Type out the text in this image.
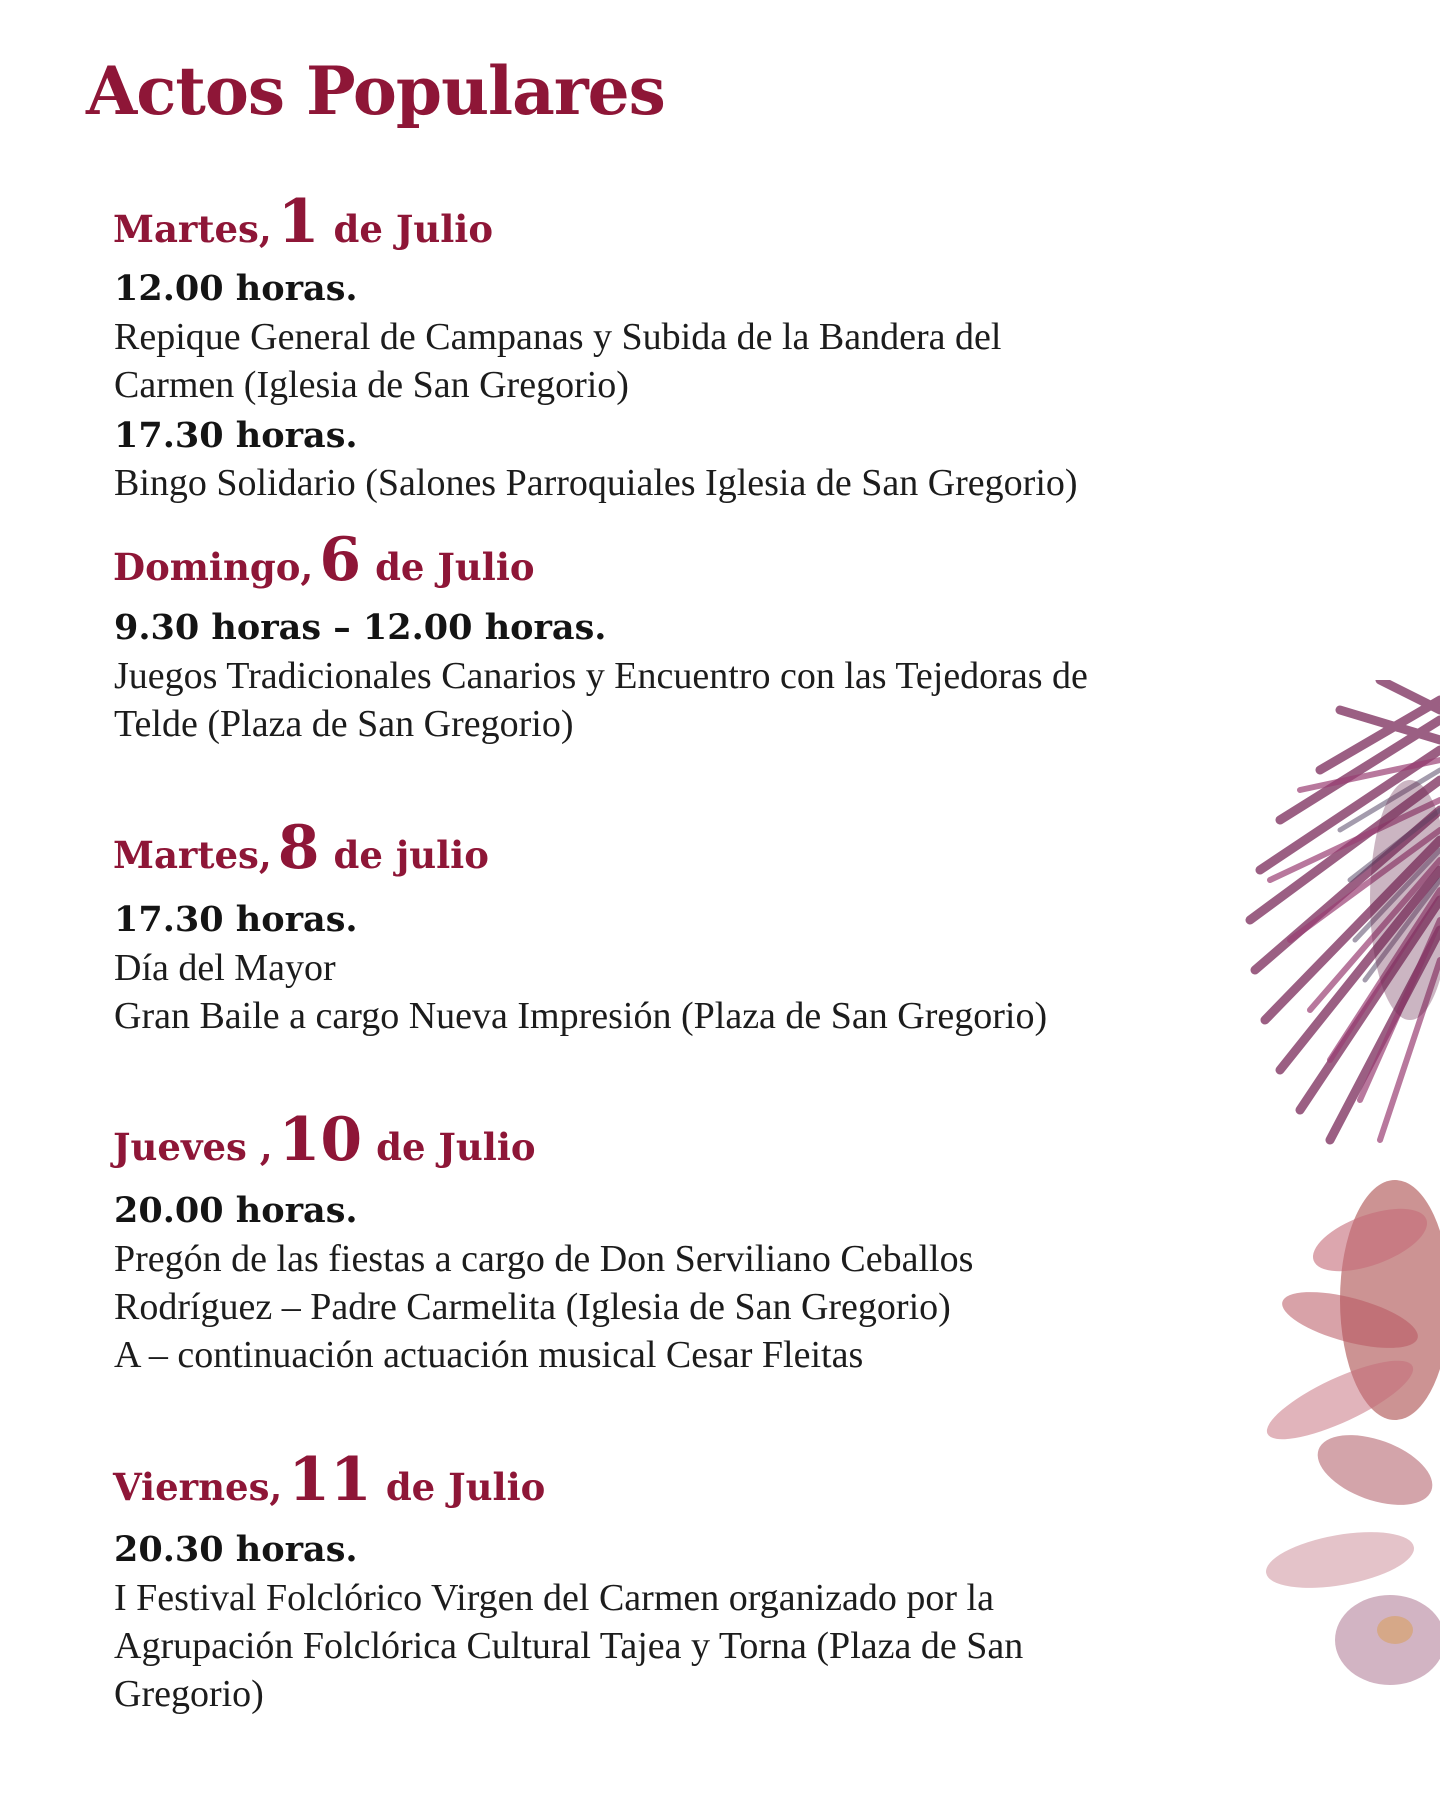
Actos Populares
Martes, 1 de Julio
12.00 horas.
Repique General de Campanas y Subida de la Bandera del
Carmen (Iglesia de San Gregorio)
17.30 horas.
Bingo Solidario (Salones Parroquiales Iglesia de San Gregorio)
Domingo, 6 de Julio
9.30 horas – 12.00 horas.
Juegos Tradicionales Canarios y Encuentro con las Tejedoras de
Telde (Plaza de San Gregorio)
Martes, 8 de julio
17.30 horas.
Día del Mayor
Gran Baile a cargo Nueva Impresión (Plaza de San Gregorio)
Jueves , 10 de Julio
20.00 horas.
Pregón de las fiestas a cargo de Don Serviliano Ceballos
Rodríguez – Padre Carmelita (Iglesia de San Gregorio)
A – continuación actuación musical Cesar Fleitas
Viernes, 11 de Julio
20.30 horas.
I Festival Folclórico Virgen del Carmen organizado por la
Agrupación Folclórica Cultural Tajea y Torna (Plaza de San
Gregorio)
